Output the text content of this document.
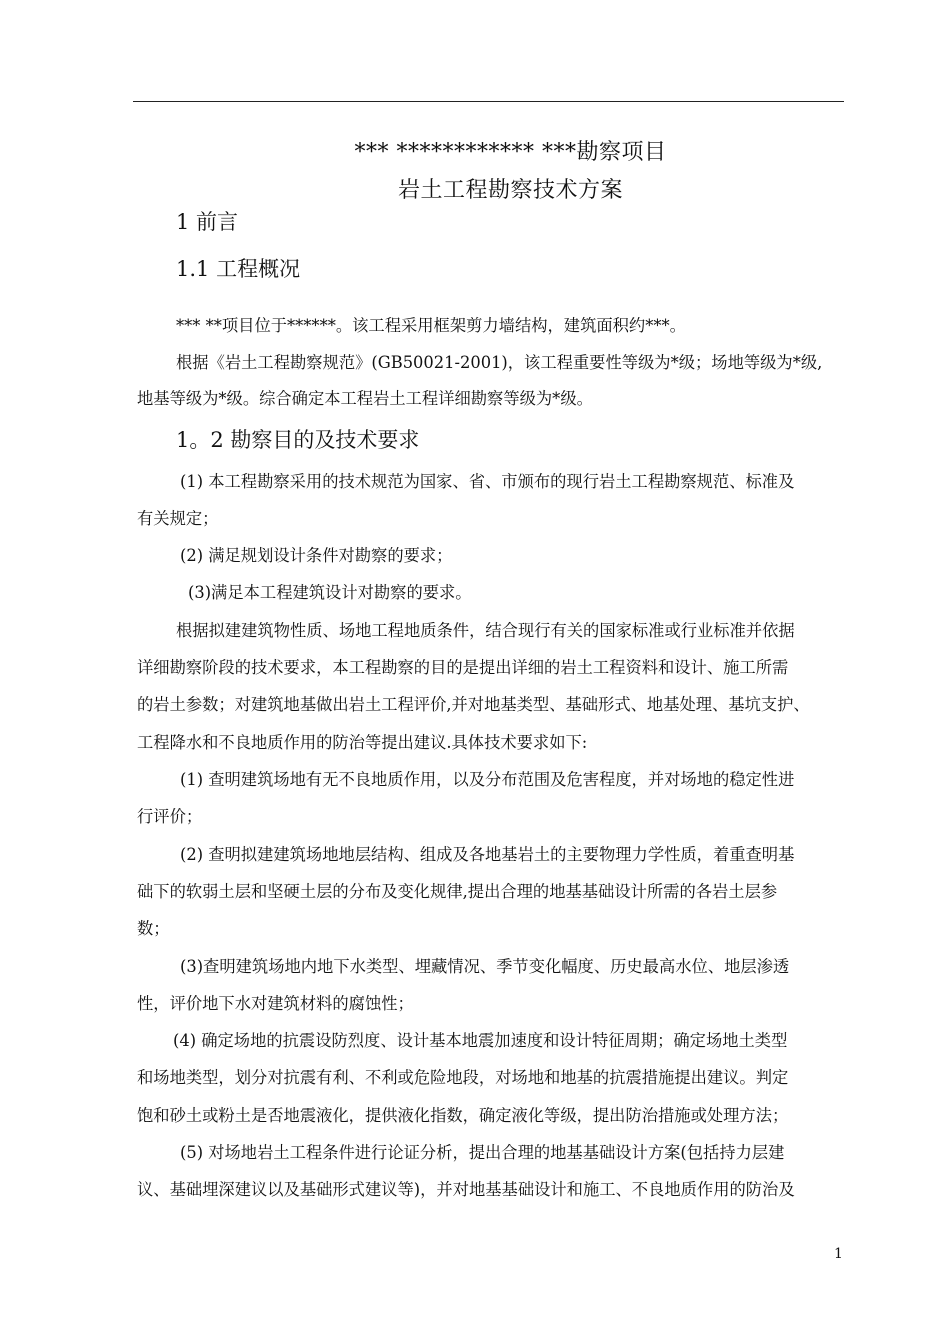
*** ************ ***勘察项目
岩土工程勘察技术方案
1 前言
1.1 工程概况
*** **项目位于******。该工程采用框架剪力墙结构，建筑面积约***。
根据《岩土工程勘察规范》(GB50021-2001)，该工程重要性等级为*级；场地等级为*级,
地基等级为*级。综合确定本工程岩土工程详细勘察等级为*级。
1。2 勘察目的及技术要求
(1) 本工程勘察采用的技术规范为国家、省、市颁布的现行岩土工程勘察规范、标准及
有关规定；
(2) 满足规划设计条件对勘察的要求；
(3)满足本工程建筑设计对勘察的要求。
根据拟建建筑物性质、场地工程地质条件，结合现行有关的国家标准或行业标准并依据
详细勘察阶段的技术要求，本工程勘察的目的是提出详细的岩土工程资料和设计、施工所需
的岩土参数；对建筑地基做出岩土工程评价,并对地基类型、基础形式、地基处理、基坑支护、
工程降水和不良地质作用的防治等提出建议.具体技术要求如下:
(1) 查明建筑场地有无不良地质作用，以及分布范围及危害程度，并对场地的稳定性进
行评价；
(2) 查明拟建建筑场地地层结构、组成及各地基岩土的主要物理力学性质，着重查明基
础下的软弱土层和坚硬土层的分布及变化规律,提出合理的地基基础设计所需的各岩土层参
数；
(3)查明建筑场地内地下水类型、埋藏情况、季节变化幅度、历史最高水位、地层渗透
性，评价地下水对建筑材料的腐蚀性；
(4) 确定场地的抗震设防烈度、设计基本地震加速度和设计特征周期；确定场地土类型
和场地类型，划分对抗震有利、不利或危险地段，对场地和地基的抗震措施提出建议。判定
饱和砂土或粉土是否地震液化，提供液化指数，确定液化等级，提出防治措施或处理方法；
(5) 对场地岩土工程条件进行论证分析，提出合理的地基基础设计方案(包括持力层建
议、基础埋深建议以及基础形式建议等)，并对地基基础设计和施工、不良地质作用的防治及
1
